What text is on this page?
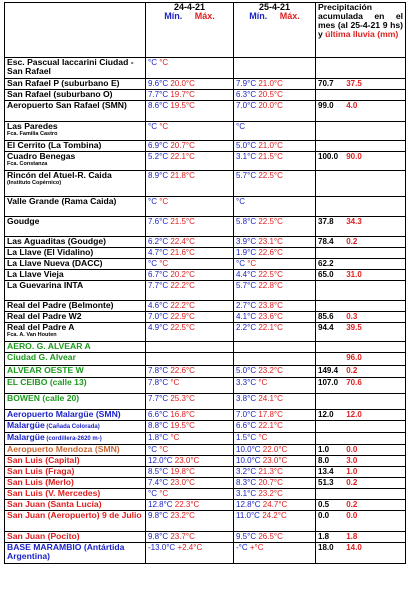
	24-4-21
Mín. Máx.	25-4-21
Mín. Máx.	Precipitación acumulada en el mes (al 25-4-21 9 hs) y última lluvia (mm)
Esc. Pascual Iaccarini Ciudad - San Rafael	°C °C		
San Rafael P (suburbano E)	9.6°C 20.0°C	7.9°C 21.0°C	70.7 37.5
San Rafael (suburbano O)	7.7°C 19.7°C	6.3°C 20.5°C	
Aeropuerto San Rafael (SMN)	8.6°C 19.5°C	7.0°C 20.0°C	99.0 4.0
Las Paredes
Fca. Familia Castro	°C °C	°C	
El Cerrito (La Tombina)	6.9°C 20.7°C	5.0°C 21.0°C	
Cuadro Benegas
Fca. Constanza	5.2°C 22.1°C	3.1°C 21.5°C	100.0 90.0
Rincón del Atuel-R. Caida
(Instituto Copérnico)	8.9°C 21.8°C	5.7°C 22.5°C	
Valle Grande (Rama Caida)	°C °C	°C	
Goudge	7.6°C 21.5°C	5.8°C 22.5°C	37.8 34.3
Las Aguaditas (Goudge)	6.2°C 22.4°C	3.9°C 23.1°C	78.4 0.2
La Llave (El Vidalino)	4.7°C 21.6°C	1.9°C 22.6°C	
La Llave Nueva (DACC)	°C °C	°C °C	62.2
La Llave Vieja	6.7°C 20.2°C	4.4°C 22.5°C	65.0 31.0
La Guevarina INTA	7.7°C 22.2°C	5.7°C 22.8°C	
Real del Padre (Belmonte)	4.6°C 22.2°C	2.7°C 23.8°C	
Real del Padre W2	7.0°C 22.9°C	4.1°C 23.6°C	85.6 0.3
Real del Padre A
Fca. A. Van Houten	4.9°C 22.5°C	2.2°C 22.1°C	94.4 39.5
AERO. G. ALVEAR A			
Ciudad G. Alvear			96.0
ALVEAR OESTE W	7.8°C 22.6°C	5.0°C 23.2°C	149.4 0.2
EL CEIBO (calle 13)	7.8°C °C	3.3°C °C	107.0 70.6
BOWEN (calle 20)	7.7°C 25.3°C	3.8°C 24.1°C	
Aeropuerto Malargüe (SMN)	6.6°C 16.8°C	7.0°C 17.8°C	12.0 12.0
Malargüe (Cañada Colorada)	8.8°C 19.5°C	6.6°C 22.1°C	
Malargüe (cordillera-2620 m-)	1.8°C °C	1.5°C °C	
Aeropuerto Mendoza (SMN)	°C °C	10.0°C 22.0°C	1.0 0.0
San Luis (Capital)	12.0°C 23.0°C	10.0°C 23.0°C	8.0 3.0
San Luis (Fraga)	8.5°C 19.8°C	3.2°C 21.3°C	13.4 1.0
San Luis (Merlo)	7.4°C 23.0°C	8.3°C 20.7°C	51.3 0.2
San Luis (V. Mercedes)	°C °C	3.1°C 23.2°C	
San Juan (Santa Lucía)	12.8°C 22.3°C	12.8°C 24.7°C	0.5 0.2
San Juan (Aeropuerto) 9 de Julio	9.8°C 23.2°C	11.0°C 24.2°C	0.0 0.0
San Juan (Pocito)	9.8°C 23.7°C	9.5°C 26.5°C	1.8 1.8
BASE MARAMBIO (Antártida Argentina)	-13.0°C +2.4°C	-°C +°C	18.0 14.0
